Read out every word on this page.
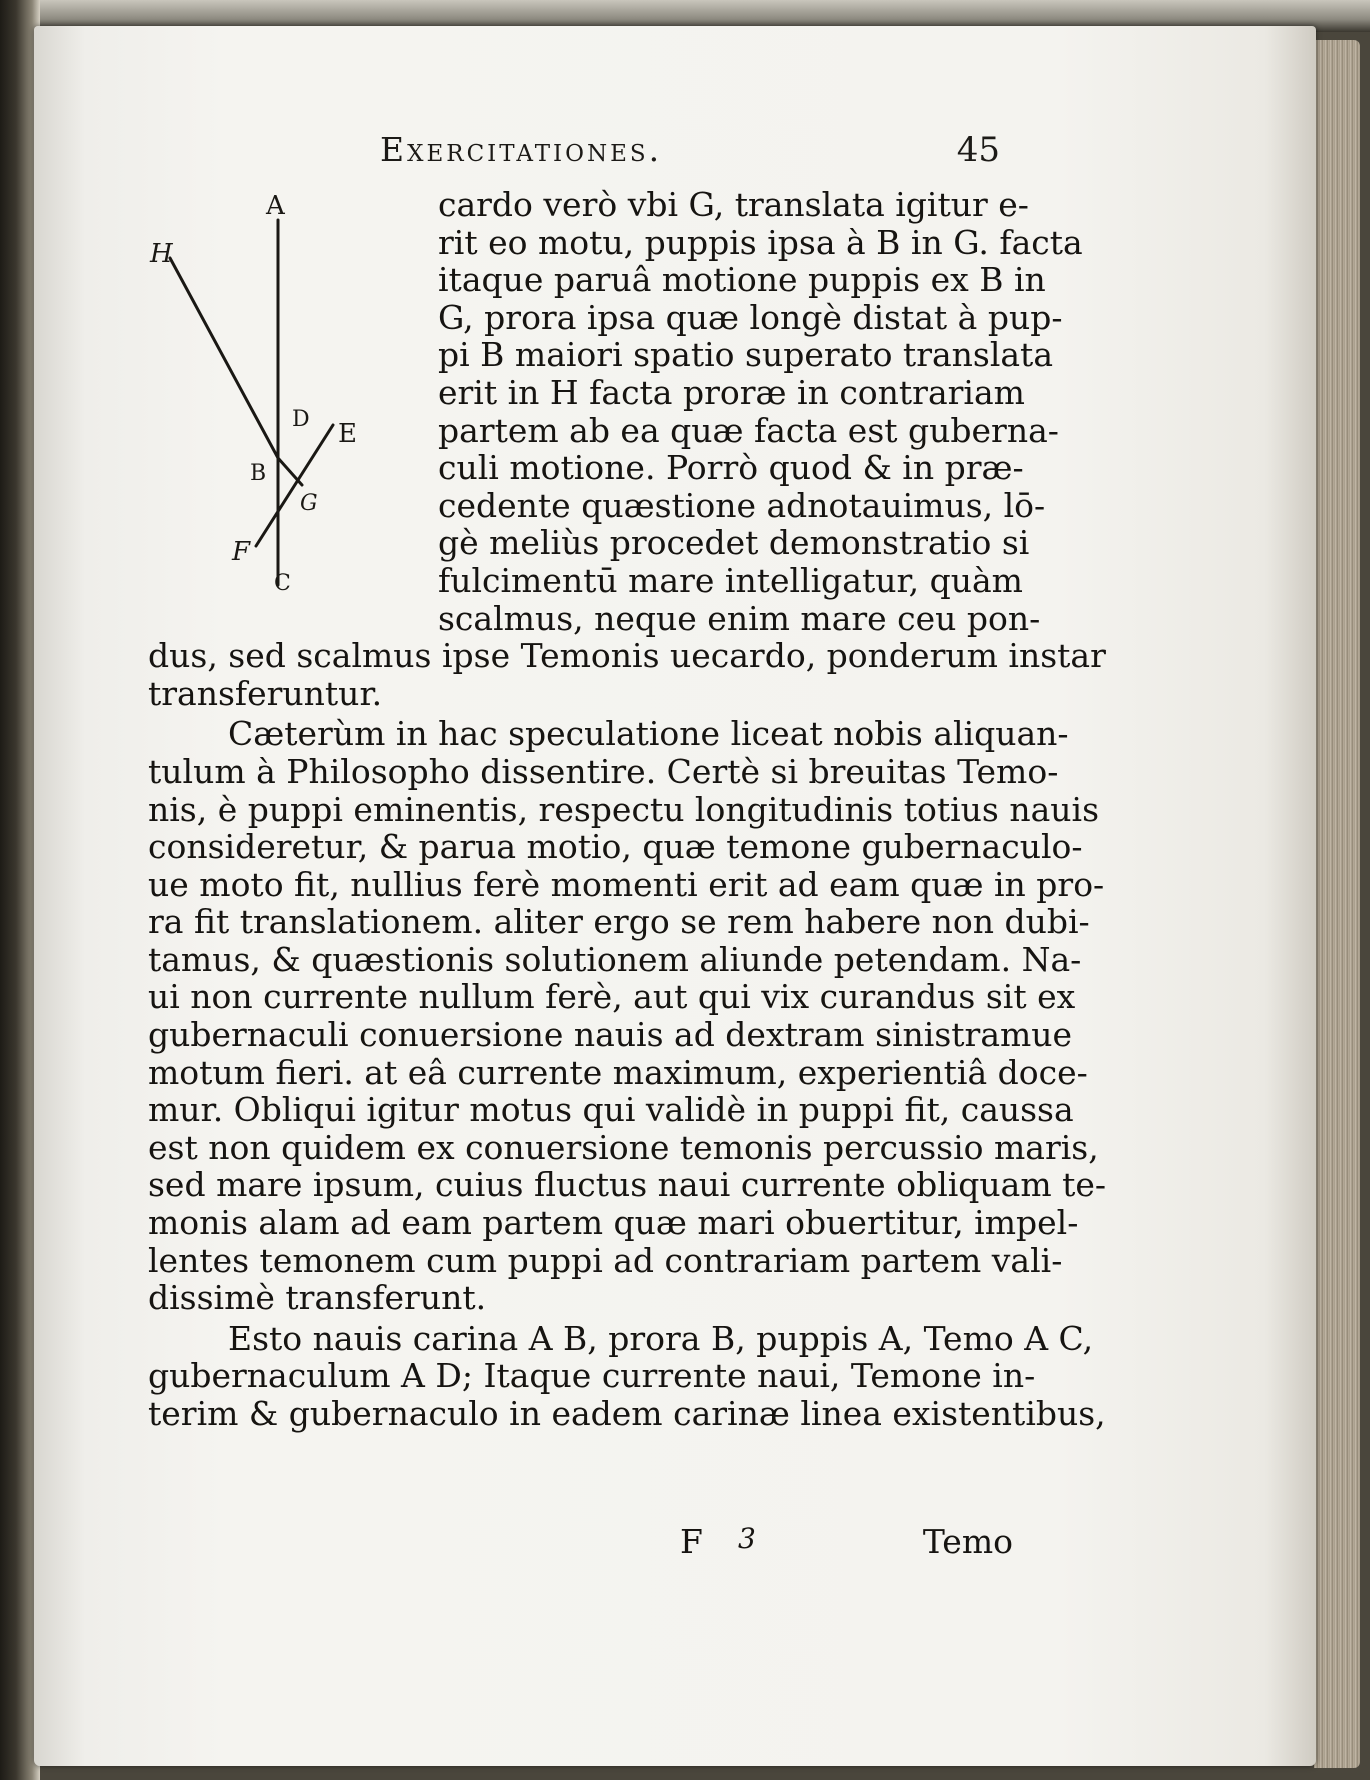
Exercitationes.	45
A
H
D E
B
G
F
C
cardo verò vbi G, translata igitur e-
rit eo motu, puppis ipsa à B in G. facta
itaque paruâ motione puppis ex B in
G, prora ipsa quæ longè distat à pup-
pi B maiori spatio superato translata
erit in H facta proræ in contrariam
partem ab ea quæ facta est guberna-
culi motione. Porrò quod & in præ-
cedente quæstione adnotauimus, lō-
gè meliùs procedet demonstratio si
fulcimentū mare intelligatur, quàm
scalmus, neque enim mare ceu pon-
dus, sed scalmus ipse Temonis uecardo, ponderum instar
transferuntur.
Cæterùm in hac speculatione liceat nobis aliquan-
tulum à Philosopho dissentire. Certè si breuitas Temo-
nis, è puppi eminentis, respectu longitudinis totius nauis
consideretur, & parua motio, quæ temone gubernaculo-
ue moto fit, nullius ferè momenti erit ad eam quæ in pro-
ra fit translationem. aliter ergo se rem habere non dubi-
tamus, & quæstionis solutionem aliunde petendam. Na-
ui non currente nullum ferè, aut qui vix curandus sit ex
gubernaculi conuersione nauis ad dextram sinistramue
motum fieri. at eâ currente maximum, experientiâ doce-
mur. Obliqui igitur motus qui validè in puppi fit, caussa
est non quidem ex conuersione temonis percussio maris,
sed mare ipsum, cuius fluctus naui currente obliquam te-
monis alam ad eam partem quæ mari obuertitur, impel-
lentes temonem cum puppi ad contrariam partem vali-
dissimè transferunt.
Esto nauis carina A B, prora B, puppis A, Temo A C,
gubernaculum A D; Itaque currente naui, Temone in-
terim & gubernaculo in eadem carinæ linea existentibus,
F 3	Temo
